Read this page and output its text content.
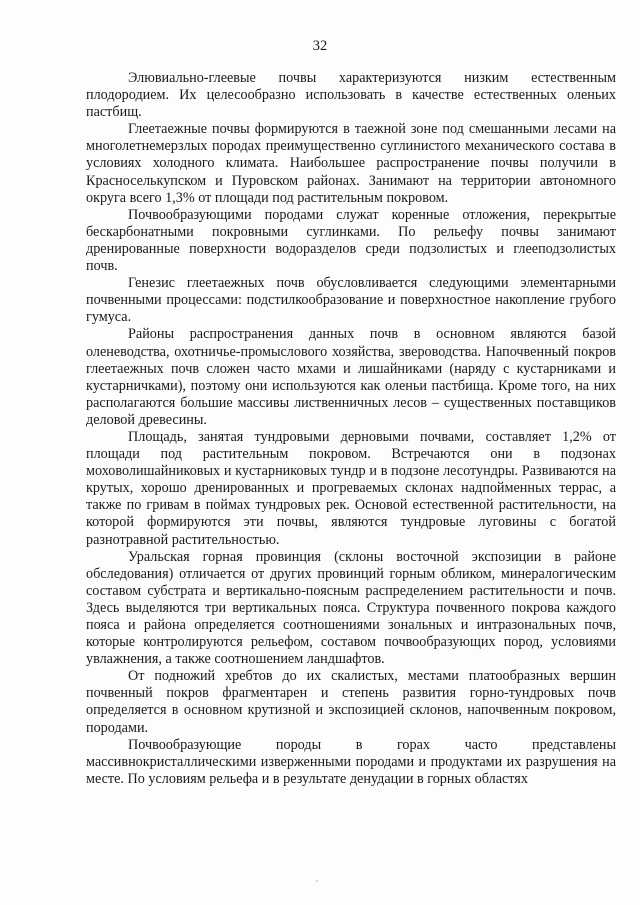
32

Элювиально-глеевые почвы характеризуются низким естественным плодородием. Их целесообразно использовать в качестве естественных оленьих пастбищ.

Глеетаежные почвы формируются в таежной зоне под смешанными лесами на многолетнемерзлых породах преимущественно суглинистого механического состава в условиях холодного климата. Наибольшее распространение почвы получили в Красноселькупском и Пуровском районах. Занимают на территории автономного округа всего 1,3% от площади под растительным покровом.

Почвообразующими породами служат коренные отложения, перекрытые бескарбонатными покровными суглинками. По рельефу почвы занимают дренированные поверхности водоразделов среди подзолистых и глееподзолистых почв.

Генезис глеетаежных почв обусловливается следующими элементарными почвенными процессами: подстилкообразование и поверхностное накопление грубого гумуса.

Районы распространения данных почв в основном являются базой оленеводства, охотничье-промыслового хозяйства, звероводства. Напочвенный покров глеетаежных почв сложен часто мхами и лишайниками (наряду с кустарниками и кустарничками), поэтому они используются как оленьи пастбища. Кроме того, на них располагаются большие массивы лиственничных лесов – существенных поставщиков деловой древесины.

Площадь, занятая тундровыми дерновыми почвами, составляет 1,2% от площади под растительным покровом. Встречаются они в подзонах моховолишайниковых и кустарниковых тундр и в подзоне лесотундры. Развиваются на крутых, хорошо дренированных и прогреваемых склонах надпойменных террас, а также по гривам в поймах тундровых рек. Основой естественной растительности, на которой формируются эти почвы, являются тундровые луговины с богатой разнотравной растительностью.

Уральская горная провинция (склоны восточной экспозиции в районе обследования) отличается от других провинций горным обликом, минералогическим составом субстрата и вертикально-поясным распределением растительности и почв. Здесь выделяются три вертикальных пояса. Структура почвенного покрова каждого пояса и района определяется соотношениями зональных и интразональных почв, которые контролируются рельефом, составом почвообразующих пород, условиями увлажнения, а также соотношением ландшафтов.

От подножий хребтов до их скалистых, местами платообразных вершин почвенный покров фрагментарен и степень развития горно-тундровых почв определяется в основном крутизной и экспозицией склонов, напочвенным покровом, породами.

Почвообразующие породы в горах часто представлены массивнокристаллическими изверженными породами и продуктами их разрушения на месте. По условиям рельефа и в результате денудации в горных областях
